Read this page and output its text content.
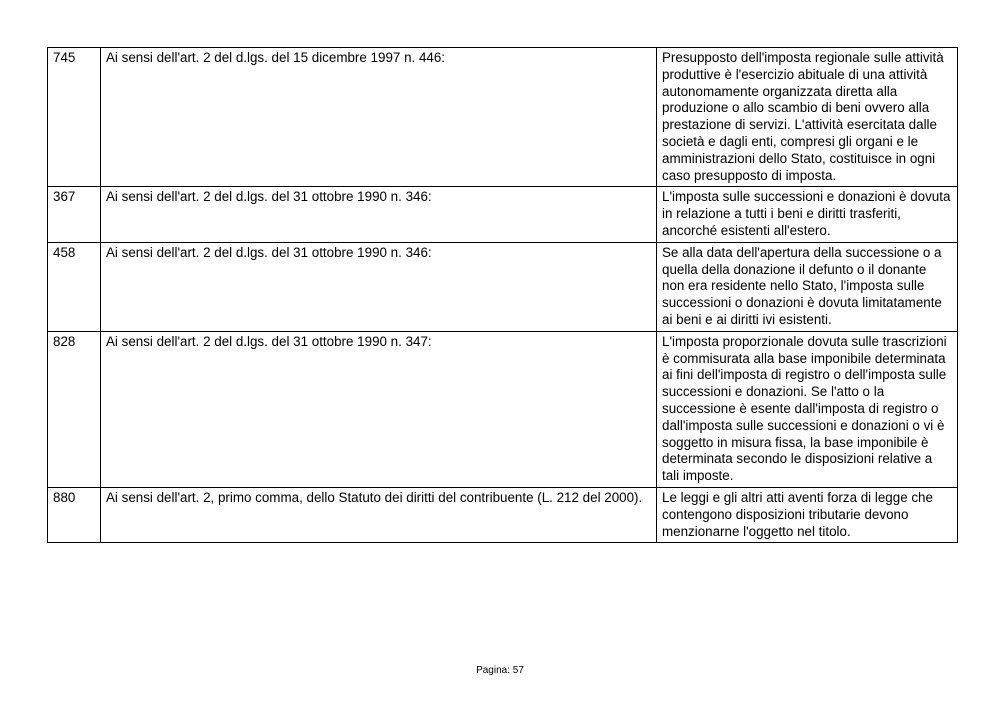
745	Ai sensi dell'art. 2 del d.lgs. del 15 dicembre 1997 n. 446:	Presupposto dell'imposta regionale sulle attività produttive è l'esercizio abituale di una attività autonomamente organizzata diretta alla produzione o allo scambio di beni ovvero alla prestazione di servizi. L'attività esercitata dalle società e dagli enti, compresi gli organi e le amministrazioni dello Stato, costituisce in ogni caso presupposto di imposta.
367	Ai sensi dell'art. 2 del d.lgs. del 31 ottobre 1990 n. 346:	L'imposta sulle successioni e donazioni è dovuta in relazione a tutti i beni e diritti trasferiti, ancorché esistenti all'estero.
458	Ai sensi dell'art. 2 del d.lgs. del 31 ottobre 1990 n. 346:	Se alla data dell'apertura della successione o a quella della donazione il defunto o il donante non era residente nello Stato, l'imposta sulle successioni o donazioni è dovuta limitatamente ai beni e ai diritti ivi esistenti.
828	Ai sensi dell'art. 2 del d.lgs. del 31 ottobre 1990 n. 347:	L'imposta proporzionale dovuta sulle trascrizioni è commisurata alla base imponibile determinata ai fini dell'imposta di registro o dell'imposta sulle successioni e donazioni. Se l'atto o la successione è esente dall'imposta di registro o dall'imposta sulle successioni e donazioni o vi è soggetto in misura fissa, la base imponibile è determinata secondo le disposizioni relative a tali imposte.
880	Ai sensi dell'art. 2, primo comma, dello Statuto dei diritti del contribuente (L. 212 del 2000).	Le leggi e gli altri atti aventi forza di legge che contengono disposizioni tributarie devono menzionarne l'oggetto nel titolo.
Pagina: 57
